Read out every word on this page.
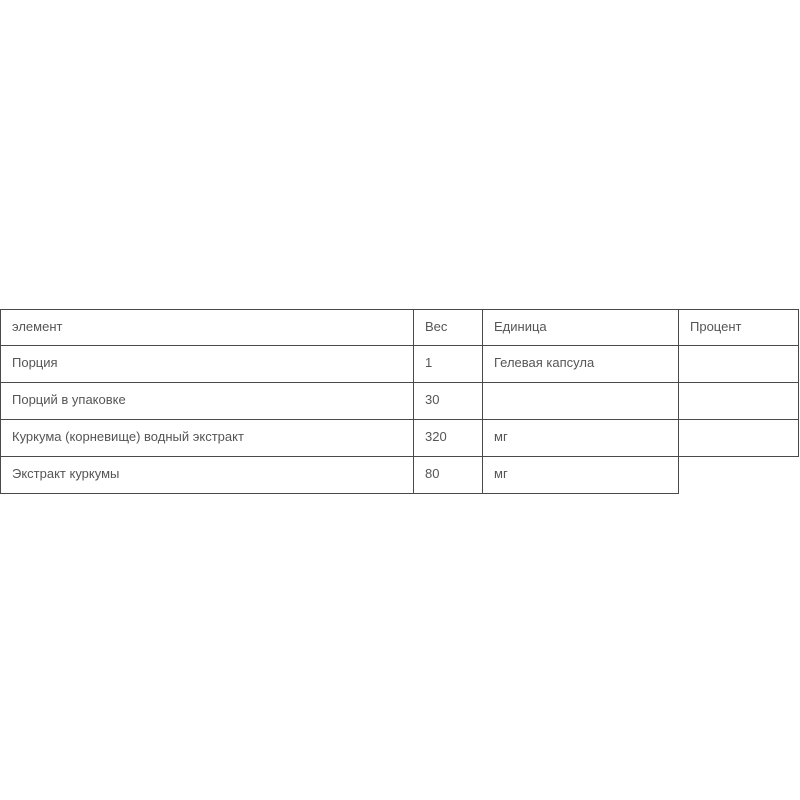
элемент	Вес	Единица	Процент
Порция	1	Гелевая капсула
Порций в упаковке	30
Куркума (корневище) водный экстракт	320	мг
Экстракт куркумы	80	мг
